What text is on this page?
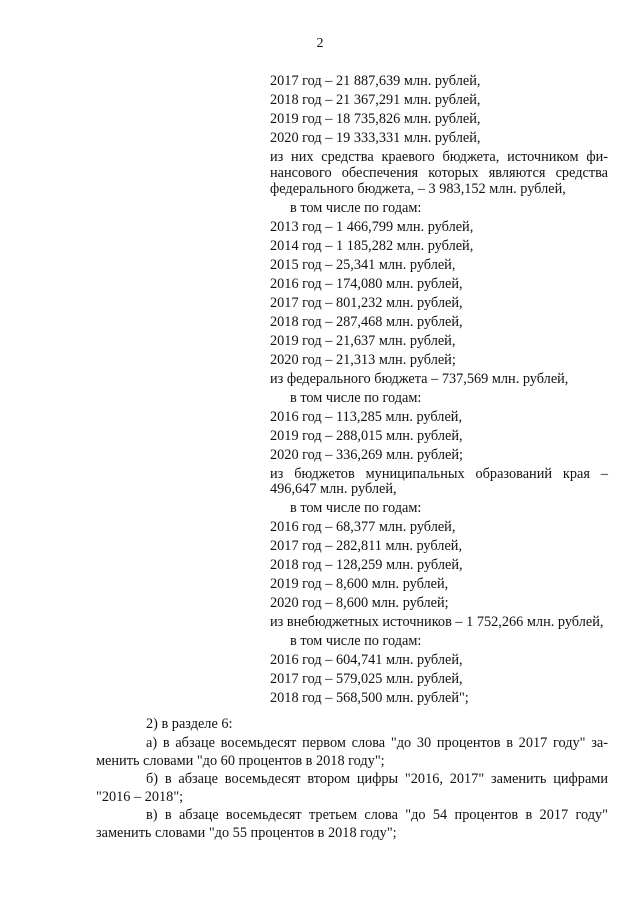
2
2017 год – 21 887,639 млн. рублей,
2018 год – 21 367,291 млн. рублей,
2019 год – 18 735,826 млн. рублей,
2020 год – 19 333,331 млн. рублей,
из них средства краевого бюджета, источником фи-
нансового обеспечения которых являются средства
федерального бюджета, – 3 983,152 млн. рублей,
в том числе по годам:
2013 год – 1 466,799 млн. рублей,
2014 год – 1 185,282 млн. рублей,
2015 год – 25,341 млн. рублей,
2016 год – 174,080 млн. рублей,
2017 год – 801,232 млн. рублей,
2018 год – 287,468 млн. рублей,
2019 год – 21,637 млн. рублей,
2020 год – 21,313 млн. рублей;
из федерального бюджета – 737,569 млн. рублей,
в том числе по годам:
2016 год – 113,285 млн. рублей,
2019 год – 288,015 млн. рублей,
2020 год – 336,269 млн. рублей;
из бюджетов муниципальных образований края –
496,647 млн. рублей,
в том числе по годам:
2016 год – 68,377 млн. рублей,
2017 год – 282,811 млн. рублей,
2018 год – 128,259 млн. рублей,
2019 год – 8,600 млн. рублей,
2020 год – 8,600 млн. рублей;
из внебюджетных источников – 1 752,266 млн. рублей,
в том числе по годам:
2016 год – 604,741 млн. рублей,
2017 год – 579,025 млн. рублей,
2018 год – 568,500 млн. рублей";
2) в разделе 6:
а) в абзаце восемьдесят первом слова "до 30 процентов в 2017 году" за-
менить словами "до 60 процентов в 2018 году";
б) в абзаце восемьдесят втором цифры "2016, 2017" заменить цифрами
"2016 – 2018";
в) в абзаце восемьдесят третьем слова "до 54 процентов в 2017 году"
заменить словами "до 55 процентов в 2018 году";
